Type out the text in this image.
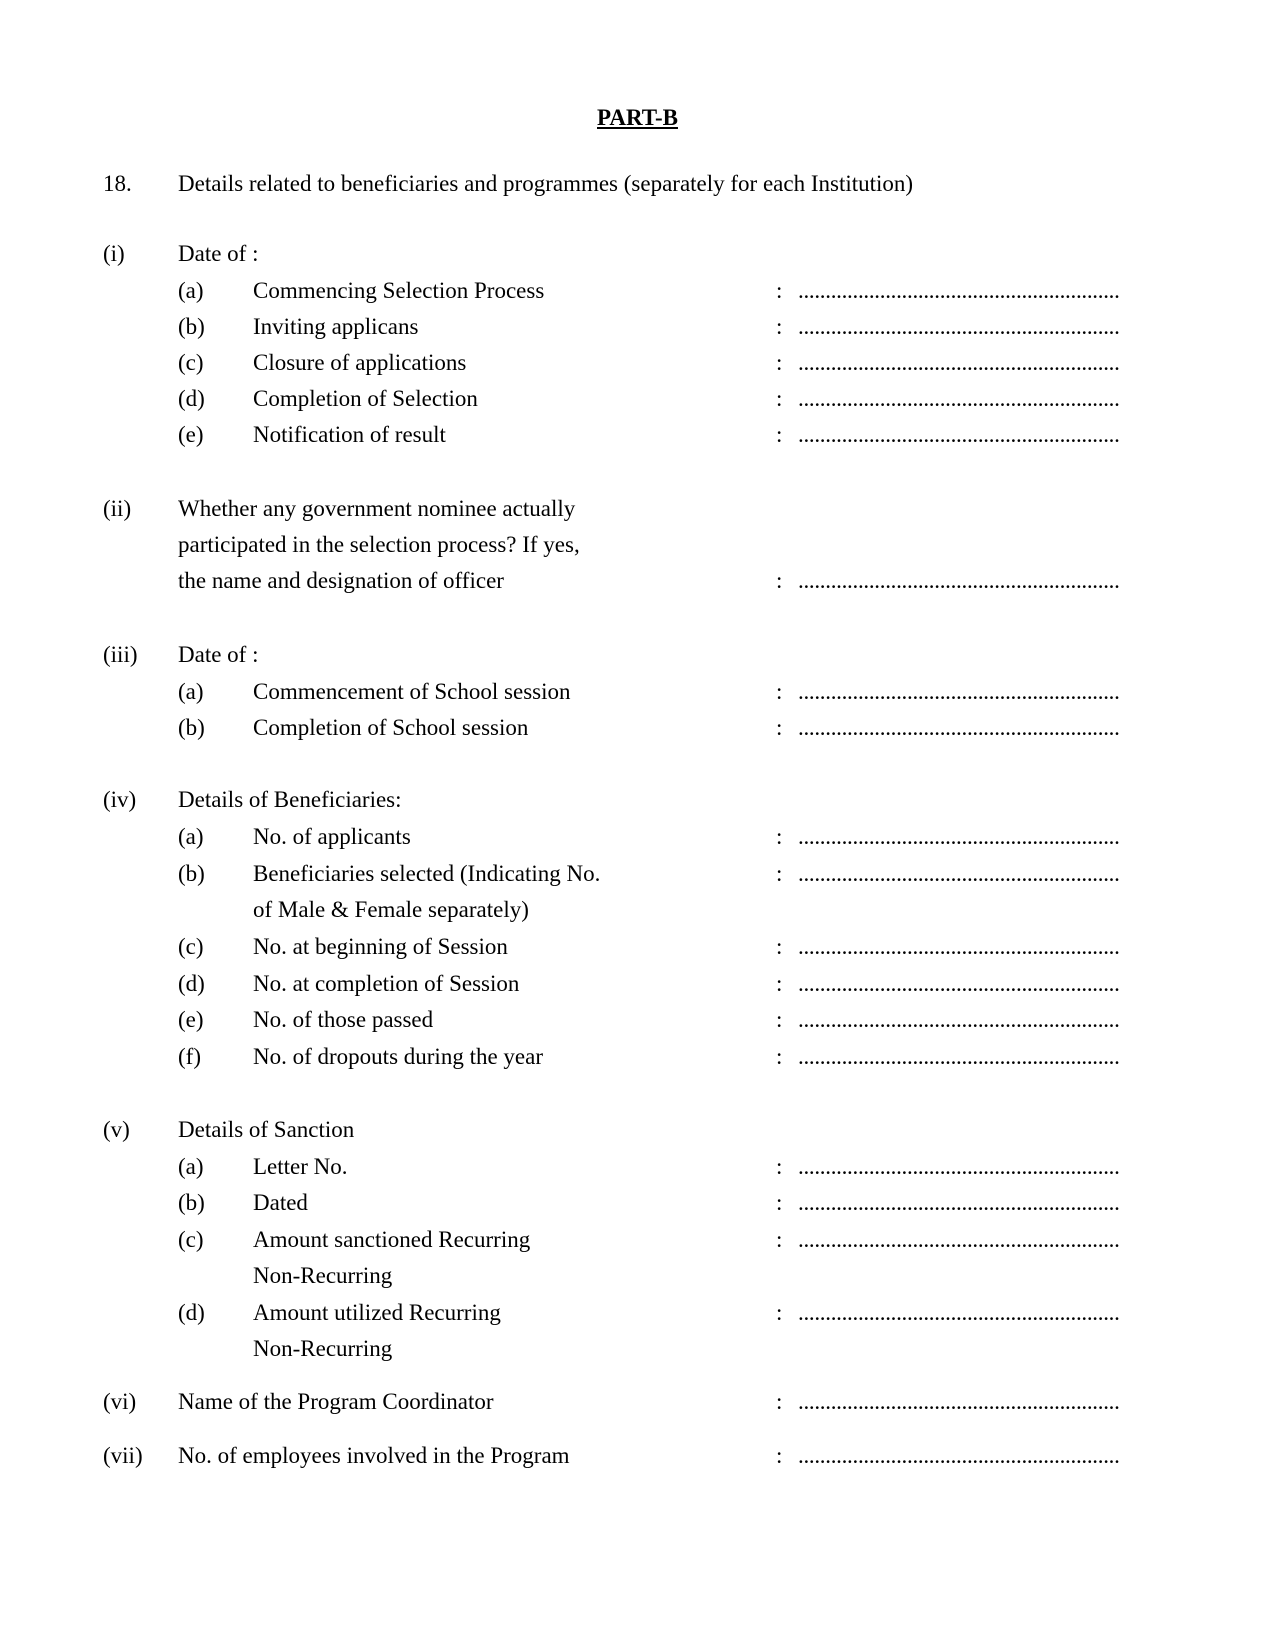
PART-B
18. Details related to beneficiaries and programmes (separately for each Institution)
(i) Date of :
(a) Commencing Selection Process	: ...........................................................
(b) Inviting applicans	: ...........................................................
(c) Closure of applications	: ...........................................................
(d) Completion of Selection	: ...........................................................
(e) Notification of result	: ...........................................................
(ii) Whether any government nominee actually
participated in the selection process? If yes,
the name and designation of officer	: ...........................................................
(iii) Date of :
(a) Commencement of School session	: ...........................................................
(b) Completion of School session	: ...........................................................
(iv) Details of Beneficiaries:
(a) No. of applicants	: ...........................................................
(b) Beneficiaries selected (Indicating No.	: ...........................................................
of Male & Female separately)
(c) No. at beginning of Session	: ...........................................................
(d) No. at completion of Session	: ...........................................................
(e) No. of those passed	: ...........................................................
(f) No. of dropouts during the year	: ...........................................................
(v) Details of Sanction
(a) Letter No.	: ...........................................................
(b) Dated	: ...........................................................
(c) Amount sanctioned Recurring	: ...........................................................
Non-Recurring
(d) Amount utilized Recurring	: ...........................................................
Non-Recurring
(vi) Name of the Program Coordinator	: ...........................................................
(vii) No. of employees involved in the Program	: ...........................................................
